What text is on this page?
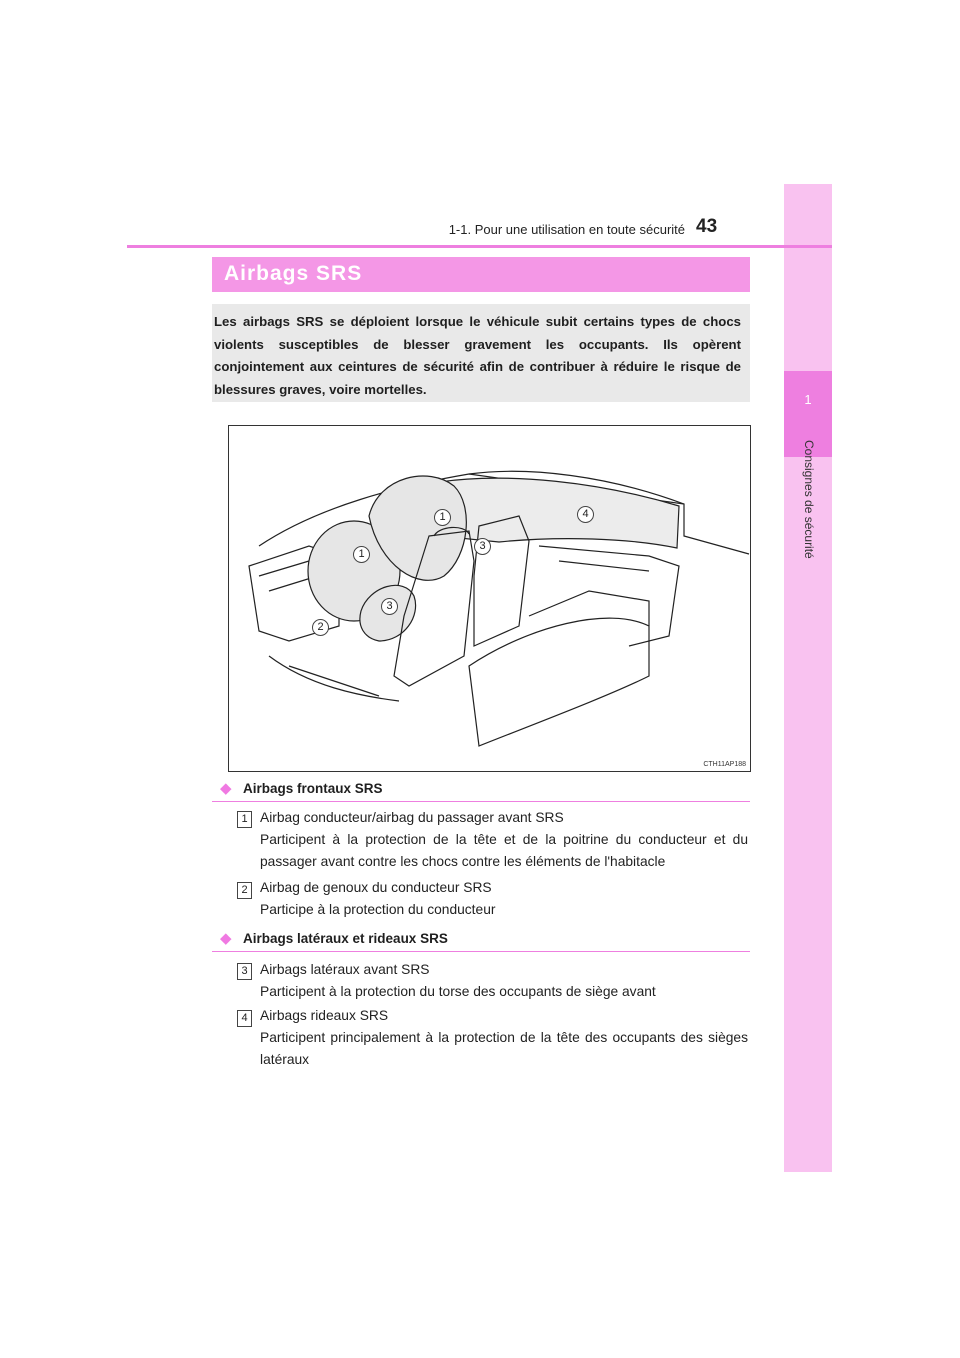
1
Consignes de sécurité
1-1. Pour une utilisation en toute sécurité 43
Airbags SRS
Les airbags SRS se déploient lorsque le véhicule subit certains types de chocs violents susceptibles de blesser gravement les occupants. Ils opèrent conjointement aux ceintures de sécurité afin de contribuer à réduire le risque de blessures graves, voire mortelles.
1	4
3
1
3
2
CTH11AP188
◆ Airbags frontaux SRS
1 Airbag conducteur/airbag du passager avant SRS
Participent à la protection de la tête et de la poitrine du conducteur et du passager avant contre les chocs contre les éléments de l'habitacle
2 Airbag de genoux du conducteur SRS
Participe à la protection du conducteur
◆ Airbags latéraux et rideaux SRS
3 Airbags latéraux avant SRS
Participent à la protection du torse des occupants de siège avant
4 Airbags rideaux SRS
Participent principalement à la protection de la tête des occupants des sièges latéraux
